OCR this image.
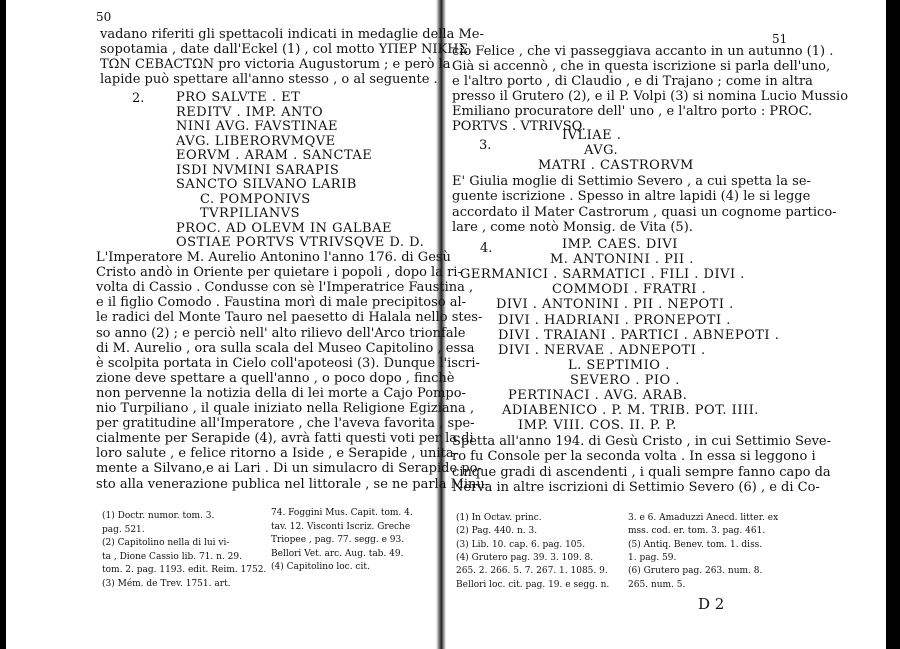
50
vadano riferiti gli spettacoli indicati in medaglie della Me-
sopotamia , date dall'Eckel (1) , col motto ΥΠΕΡ ΝΙΚΗΣ
ΤΩΝ CEBACTΩN pro victoria Augustorum ; e però la
lapide può spettare all'anno stesso , o al seguente .
2. PRO SALVTE . ET
REDITV . IMP. ANTO
NINI AVG. FAVSTINAE
AVG. LIBERORVMQVE
EORVM . ARAM . SANCTAE
ISDI NVMINI SARAPIS
SANCTO SILVANO LARIB
C. POMPONIVS
TVRPILIANVS
PROC. AD OLEVM IN GALBAE
OSTIAE PORTVS VTRIVSQVE D. D.
L'Imperatore M. Aurelio Antonino l'anno 176. di Gesù
Cristo andò in Oriente per quietare i popoli , dopo la ri-
volta di Cassio . Condusse con sè l'Imperatrice Faustina ,
e il figlio Comodo . Faustina morì di male precipitoso al-
le radici del Monte Tauro nel paesetto di Halala nello stes-
so anno (2) ; e perciò nell' alto rilievo dell'Arco trionfale
di M. Aurelio , ora sulla scala del Museo Capitolino , essa
è scolpita portata in Cielo coll'apoteosi (3). Dunque l'iscri-
zione deve spettare a quell'anno , o poco dopo , finchè
non pervenne la notizia della di lei morte a Cajo Pompo-
nio Turpiliano , il quale iniziato nella Religione Egiziana ,
per gratitudine all'Imperatore , che l'aveva favorita , spe-
cialmente per Serapide (4), avrà fatti questi voti per la di
loro salute , e felice ritorno a Iside , e Serapide , unita-
mente a Silvano,e ai Lari . Di un simulacro di Serapide po-
sto alla venerazione publica nel littorale , se ne parla Minu-
(1) Doctr. numor. tom. 3.
pag. 521.
(2) Capitolino nella di lui vi-
ta , Dione Cassio lib. 71. n. 29.
tom. 2. pag. 1193. edit. Reim. 1752.
(3) Mém. de Trev. 1751. art.
74. Foggini Mus. Capit. tom. 4.
tav. 12. Visconti Iscriz. Greche
Triopee , pag. 77. segg. e 93.
Bellori Vet. arc. Aug. tab. 49.
(4) Capitolino loc. cit.
51
cio Felice , che vi passeggiava accanto in un autunno (1) .
Già si accennò , che in questa iscrizione si parla dell'uno,
e l'altro porto , di Claudio , e di Trajano ; come in altra
presso il Grutero (2), e il P. Volpi (3) si nomina Lucio Mussio
Emiliano procuratore dell' uno , e l'altro porto : PROC.
PORTVS . VTRIVSQ.
3.
IVLIAE .
AVG.
MATRI . CASTRORVM
E' Giulia moglie di Settimio Severo , a cui spetta la se-
guente iscrizione . Spesso in altre lapidi (4) le si legge
accordato il Mater Castrorum , quasi un cognome partico-
lare , come notò Monsig. de Vita (5).
4.	IMP. CAES. DIVI
M. ANTONINI . PII .
GERMANICI . SARMATICI . FILI . DIVI .
COMMODI . FRATRI .
DIVI . ANTONINI . PII . NEPOTI .
DIVI . HADRIANI . PRONEPOTI .
DIVI . TRAIANI . PARTICI . ABNEPOTI .
DIVI . NERVAE . ADNEPOTI .
L. SEPTIMIO .
SEVERO . PIO .
PERTINACI . AVG. ARAB.
ADIABENICO . P. M. TRIB. POT. IIII.
IMP. VIII. COS. II. P. P.
Spetta all'anno 194. di Gesù Cristo , in cui Settimio Seve-
ro fu Console per la seconda volta . In essa si leggono i
cinque gradi di ascendenti , i quali sempre fanno capo da
Nerva in altre iscrizioni di Settimio Severo (6) , e di Co-
(1) In Octav. princ.
(2) Pag. 440. n. 3.
(3) Lib. 10. cap. 6. pag. 105.
(4) Grutero pag. 39. 3. 109. 8.
265. 2. 266. 5. 7. 267. 1. 1085. 9.
Bellori loc. cit. pag. 19. e segg. n.
3. e 6. Amaduzzi Anecd. litter. ex
mss. cod. er. tom. 3. pag. 461.
(5) Antiq. Benev. tom. 1. diss.
1. pag. 59.
(6) Grutero pag. 263. num. 8.
265. num. 5.
D 2
